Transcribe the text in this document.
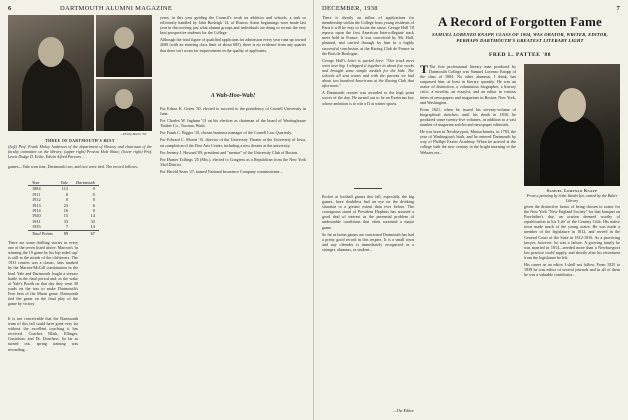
6	DARTMOUTH ALUMNI MAGAZINE
—Philip Booth '50.
THREE OF DARTMOUTH'S BEST
(Left) Prof. Frank Maloy Anderson of the department of History and chairman of the faculty committee on the library; (upper right) Provost Hale Shaw; (lower right) Prof. Lewis Dodge D. Erthe, Edwin Alfred Parsons...
games—Yale won four, Dartmouth two, and two were tied. The record follows:
Year	Yale	Dartmouth
1884	113	0
1911	0	0
1912	0	0
1913	23	6
1914	16	0
1920	15	14
1931	33	33
1935	7	14
Total Points	89	67

There are some thrilling stories in every one of the seven listed above. Maroon's 'in winning the 19 game by his lop-sided cap' is still in the minds of the old-timers. The 1931 contest was a classic, fans marked by the Marton-McGill combination in the lead. Yale and Dartmouth fought a seesaw battle in the final period and, in the wake of Yale's Booth on that day they went 30 yards on the toss to make Dartmouth's Fear beat of the Marin game. Dartmouth tied the game on the final play of the game by victory.

It is not conceivable that the Dartmouth team of this fall could have gone very far without the excellent coaching it has received. Coaches Blaik, Ellinger, Gustafson, and Dr. Donchess. So far as turned out, spring training was rewarding...

years, in this year guiding the Council's work on athletics and schools, a task so efficiently handled by John Burleigh '14, of Boston. Some beginnings were made last year in discovering just what alumni groups and individuals are doing to recruit the very best prospective students for the College.

Although the total figure of qualified applicants for admission every year runs up toward 2000 (with an entering class limit of about 685), there is no evidence from any quarter that there isn't room for improvement in the quality of applicants.

A Wah-Hoo-Wah!

For Edson K. Green '30, elected to succeed to the presidency of Cornell University in June.

For Charles W. Ingham '13 on his election as chairman of the board of Westinghouse Timber Co., Tacoma, Wash.

For Frank C. Bigger '10, chosen business manager of the Cornell Law Quarterly.

For Edward C. Moren '15, director of the University Theater at the University of Iowa, on completion of the Fine Arts Center, including a new theater at the university.

For Jeremy J. Howard '09, president and "mentor" of the University Club of Boston.

For Homer Tollings '25 (Mrs.), elected to Congress as a Republican from the New York 33rd District.

For Harold Sears '27, named National Insurance Company commissioner...

DECEMBER, 1938	7

There is shortly an influx of applications for membership within the College from young residents of Paris it will be easy to locate the cause. George Hall '18 reports upon the first American Intercollegiate track meet held in France. It was conceived by Mr. Hall, planned, and carried through by him in a highly successful conclusion, at the Racing Club de France in the Bois de Boulogne.

George Hall's letter is quoted here: "Our track meet went over big. I whipped it together in about five weeks and brought some simple medals for the kids. The schools all sent teams and with the parents we had about two hundred Americans at the Racing Club that afternoon."

A Dartmouth rooster was awarded to the high point scorer of the day. He turned out to be an Exeterian boy whose ambition is to win a D at winter sports.

Pocket at football games this fall, especially the big games, have doubtless had an eye on the drinking situation to a greater extent than ever before. The courageous stand of President Hopkins has aroused a good deal of interest in the perennial problem of undesirable conditions that often surround a major game.

So far as home games are concerned Dartmouth has had a pretty good record in this respect. It is a small town and any offender is immediately recognized as a stranger, alumnus, or student...

—The Editor
A Record of Forgotten Fame
SAMUEL LORENZO KNAPP, CLASS OF 1804, WAS ORATOR, WRITER, EDITOR, PERHAPS DARTMOUTH'S GREATEST LITERARY LIGHT
FRED L. PATTEE '88

T The first professional literary man produced by Dartmouth College was Samuel Lorenzo Knapp of the class of 1804. No other alumnus, I think, has surpassed him, at least in literary quantity. He was an orator of distinction, a voluminous biographer, a literary critic, a novelist, an essayist, and an editor in various times of newspapers and magazines in Boston, New York, and Washington.

From 1821, when he issued his seventy-volume of biographical sketches, until his death in 1838, he produced some twenty-five volumes, in addition to a vast number of magazine articles and newspaper editorials.

He was born in Newburyport, Massachusetts, in 1783, the year of Washington's birth, and he entered Dartmouth by way of Phillips Exeter Academy. When he arrived at the college with the new century in the bright morning of the Webster era...

Samuel Lorenzo Knapp
From a painting by John Vanderlyn, owned by the Baker Library

given the distinctive honor of being chosen to orator for the New York "New England Society" for that banquet on Forefather's day, an oration deemed worthy of republication in his 'Life' of the Century Club. His native town made much of the young orator. He was made a member of the legislature in 1812, and served in the General Court of the State in 1812-1816. As a practicing lawyer, however, he was a failure. A growing family he was married in 1814—needed more than a Newburyport law practice could supply, and shortly after his retirement from the legislature he left.

His career as an editor I shall not follow. From 1825 to 1838 he was editor of several journals and in all of them he was a valuable contributor...
